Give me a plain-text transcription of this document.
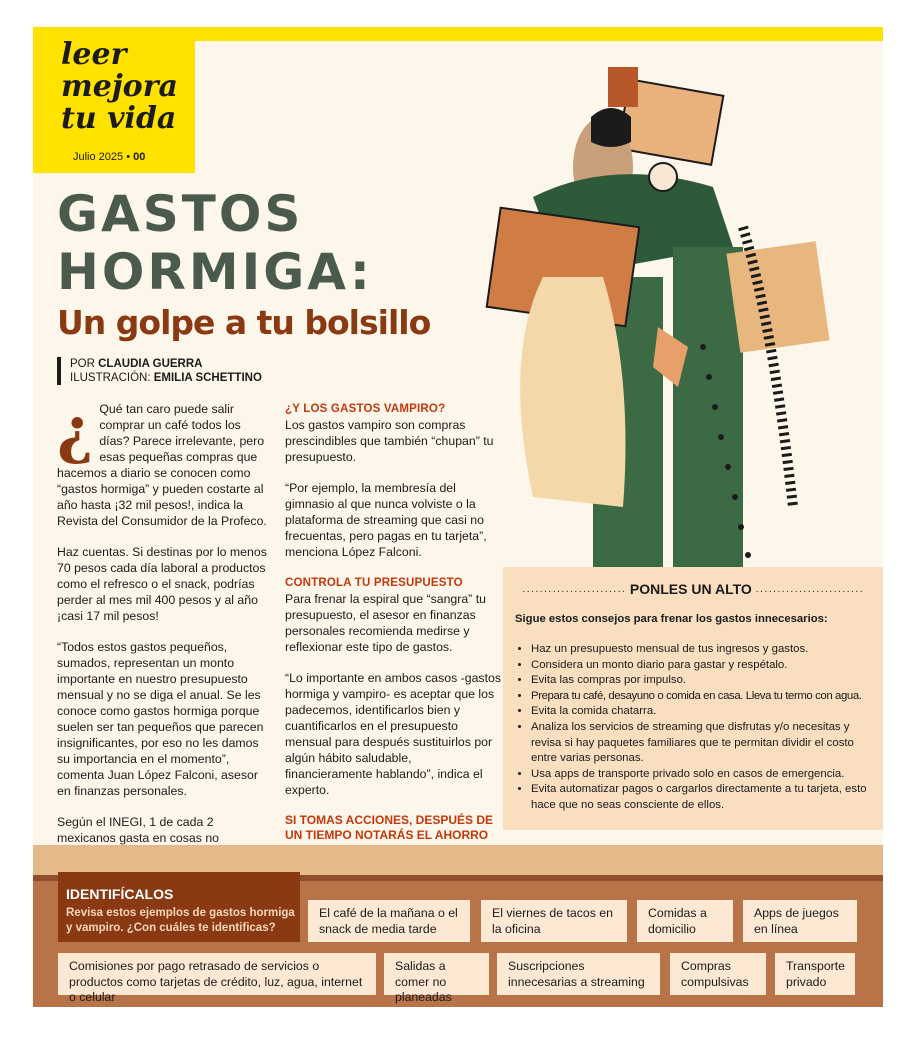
leer
mejora
tu vida
Julio 2025 • 00
GASTOS
HORMIGA:
Un golpe a tu bolsillo
POR CLAUDIA GUERRA
ILUSTRACIÓN: EMILIA SCHETTINO

¿ Qué tan caro puede salir comprar un café todos los días? Parece irrelevante, pero esas pequeñas compras que hacemos a diario se conocen como “gastos hormiga” y pueden costarte al año hasta ¡32 mil pesos!, indica la Revista del Consumidor de la Profeco.

Haz cuentas. Si destinas por lo menos 70 pesos cada día laboral a productos como el refresco o el snack, podrías perder al mes mil 400 pesos y al año ¡casi 17 mil pesos!

“Todos estos gastos pequeños, sumados, representan un monto importante en nuestro presupuesto mensual y no se diga el anual. Se les conoce como gastos hormiga porque suelen ser tan pequeños que parecen insignificantes, por eso no les damos su importancia en el momento”, comenta Juan López Falconi, asesor en finanzas personales.

Según el INEGI, 1 de cada 2 mexicanos gasta en cosas no

¿Y LOS GASTOS VAMPIRO?

Los gastos vampiro son compras prescindibles que también “chupan” tu presupuesto.

“Por ejemplo, la membresía del gimnasio al que nunca volviste o la plataforma de streaming que casi no frecuentas, pero pagas en tu tarjeta”, menciona López Falconi.

CONTROLA TU PRESUPUESTO

Para frenar la espiral que “sangra” tu presupuesto, el asesor en finanzas personales recomienda medirse y reflexionar este tipo de gastos.

“Lo importante en ambos casos -gastos hormiga y vampiro- es aceptar que los padecemos, identificarlos bien y cuantificarlos en el presupuesto mensual para después sustituirlos por algún hábito saludable, financieramente hablando”, indica el experto.

SI TOMAS ACCIONES, DESPUÉS DE UN TIEMPO NOTARÁS EL AHORRO
························ PONLES UN ALTO ·························
Sigue estos consejos para frenar los gastos innecesarios:
• Haz un presupuesto mensual de tus ingresos y gastos.
• Considera un monto diario para gastar y respétalo.
• Evita las compras por impulso.
• Prepara tu café, desayuno o comida en casa. Lleva tu termo con agua.
• Evita la comida chatarra.
• Analiza los servicios de streaming que disfrutas y/o necesitas y revisa si hay paquetes familiares que te permitan dividir el costo entre varias personas.
• Usa apps de transporte privado solo en casos de emergencia.
• Evita automatizar pagos o cargarlos directamente a tu tarjeta, esto hace que no seas consciente de ellos.
IDENTIFÍCALOS
Revisa estos ejemplos de gastos hormiga y vampiro. ¿Con cuáles te identificas?
El café de la mañana o el snack de media tarde
El viernes de tacos en la oficina
Comidas a domicilio
Apps de juegos en línea
Comisiones por pago retrasado de servicios o productos como tarjetas de crédito, luz, agua, internet o celular
Salidas a comer no planeadas
Suscripciones innecesarias a streaming
Compras compulsivas
Transporte privado
